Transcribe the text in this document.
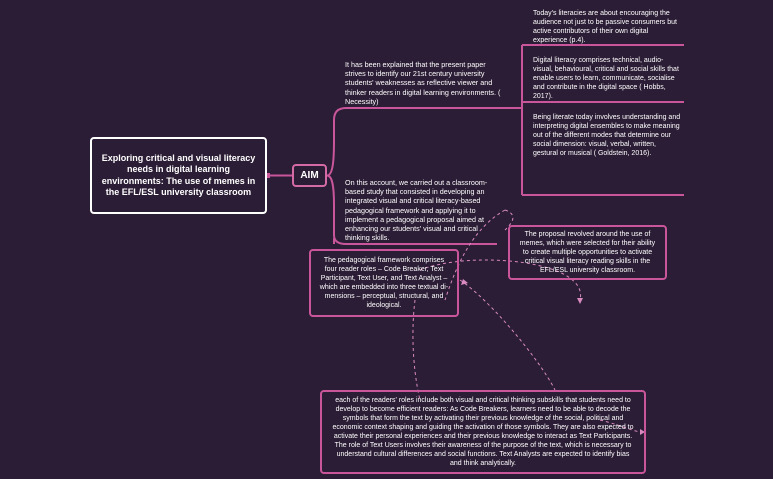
Exploring critical and visual literacy needs in digital learning environments: The use of memes in the EFL/ESL university classroom
AIM
It has been explained that the present paper strives to identify our 21st century university students' weaknesses as reflective viewer and thinker readers in digital learning environments. ( Necessity)
On this account, we carried out a classroom-based study that consisted in developing an integrated visual and critical literacy-based pedagogical framework and applying it to implement a pedagogical proposal aimed at enhancing our students' visual and critical thinking skills.
Today's literacies are about encouraging the audience not just to be passive consumers but active contributors of their own digital experience (p.4).
Digital literacy comprises technical, audio-visual, behavioural, critical and social skills that enable users to learn, communicate, socialise and contribute in the digital space ( Hobbs, 2017).
Being literate today involves understanding and interpreting digital ensembles to make meaning out of the different modes that determine our social dimension: visual, verbal, written, gestural or musical ( Goldstein, 2016).
The pedagogical framework comprises four reader roles – Code Breaker, Text Participant, Text User, and Text Analyst – which are embedded into three textual di-mensions – perceptual, structural, and ideological.
The proposal revolved around the use of memes, which were selected for their ability to create multiple opportunities to activate critical visual literacy reading skills in the EFL/ESL university classroom.
each of the readers' roles include both visual and critical thinking subskills that students need to develop to become efficient readers: As Code Breakers, learners need to be able to decode the symbols that form the text by activating their previous knowledge of the social, political and economic context shaping and guiding the activation of those symbols. They are also expected to activate their personal experiences and their previous knowledge to interact as Text Participants. The role of Text Users involves their awareness of the purpose of the text, which is necessary to understand cultural differences and social functions. Text Analysts are expected to identify bias and think analytically.
